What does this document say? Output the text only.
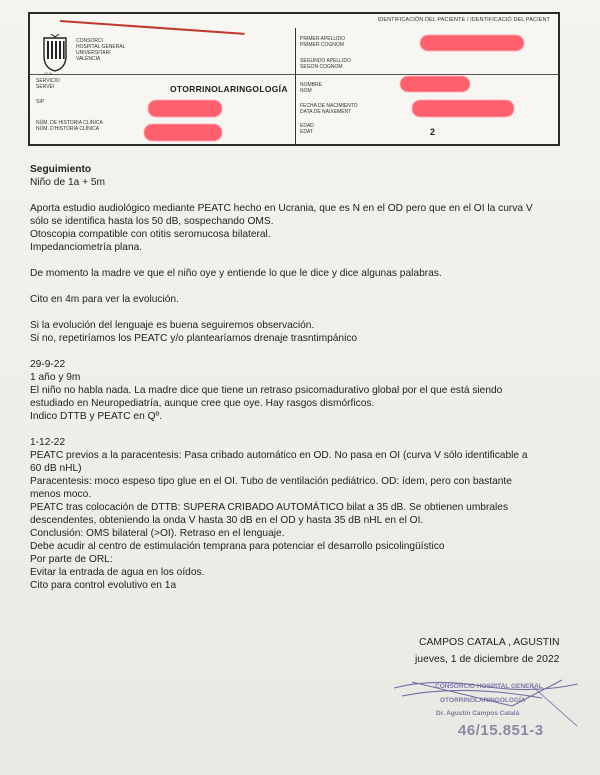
IDENTIFICACIÓN DEL PACIENTE / IDENTIFICACIÓ DEL PACIENT
GVA
CONSORCI
HOSPITAL GENERAL
UNIVERSITARI
VALÈNCIA
SERVICIO
SERVEI	OTORRINOLARINGOLOGÍA
SIP
NÚM. DE HISTORIA CLÍNICA
NÚM. D'HISTORIA CLÍNICA
PRIMER APELLIDO
PRIMER COGNOM
SEGUNDO APELLIDO
SEGON COGNOM
NOMBRE
NOM
FECHA DE NACIMIENTO
DATA DE NAIXEMENT
EDAD
EDAT	2

Seguimiento

Niño de 1a + 5m

Aporta estudio audiológico mediante PEATC hecho en Ucrania, que es N en el OD pero que en el OI la curva V

sólo se identifica hasta los 50 dB, sospechando OMS.

Otoscopia compatible con otitis seromucosa bilateral.

Impedanciometría plana.

De momento la madre ve que el niño oye y entiende lo que le dice y dice algunas palabras.

Cito en 4m para ver la evolución.

Si la evolución del lenguaje es buena seguiremos observación.

Si no, repetiríamos los PEATC y/o plantearíamos drenaje trasntimpánico

29-9-22

1 año y 9m

El niño no habla nada. La madre dice que tiene un retraso psicomadurativo global por el que está siendo

estudiado en Neuropediatría, aunque cree que oye. Hay rasgos dismórficos.

Indico DTTB y PEATC en Qº.

1-12-22

PEATC previos a la paracentesis: Pasa cribado automático en OD. No pasa en OI (curva V sólo identificable a

60 dB nHL)

Paracentesis: moco espeso tipo glue en el OI. Tubo de ventilación pediátrico. OD: ídem, pero con bastante

menos moco.

PEATC tras colocación de DTTB: SUPERA CRIBADO AUTOMÁTICO bilat a 35 dB. Se obtienen umbrales

descendentes, obteniendo la onda V hasta 30 dB en el OD y hasta 35 dB nHL en el OI.

Conclusión: OMS bilateral (>OI). Retraso en el lenguaje.

Debe acudir al centro de estimulación temprana para potenciar el desarrollo psicolingüístico

Por parte de ORL:

Evitar la entrada de agua en los oídos.

Cito para control evolutivo en 1a

CAMPOS CATALA , AGUSTIN
jueves, 1 de diciembre de 2022
CONSORCIO HOSPITAL GENERAL
OTORRINOLARINGOLOGÍA
Dr. Agustín Campos Catalá
46/15.851-3
